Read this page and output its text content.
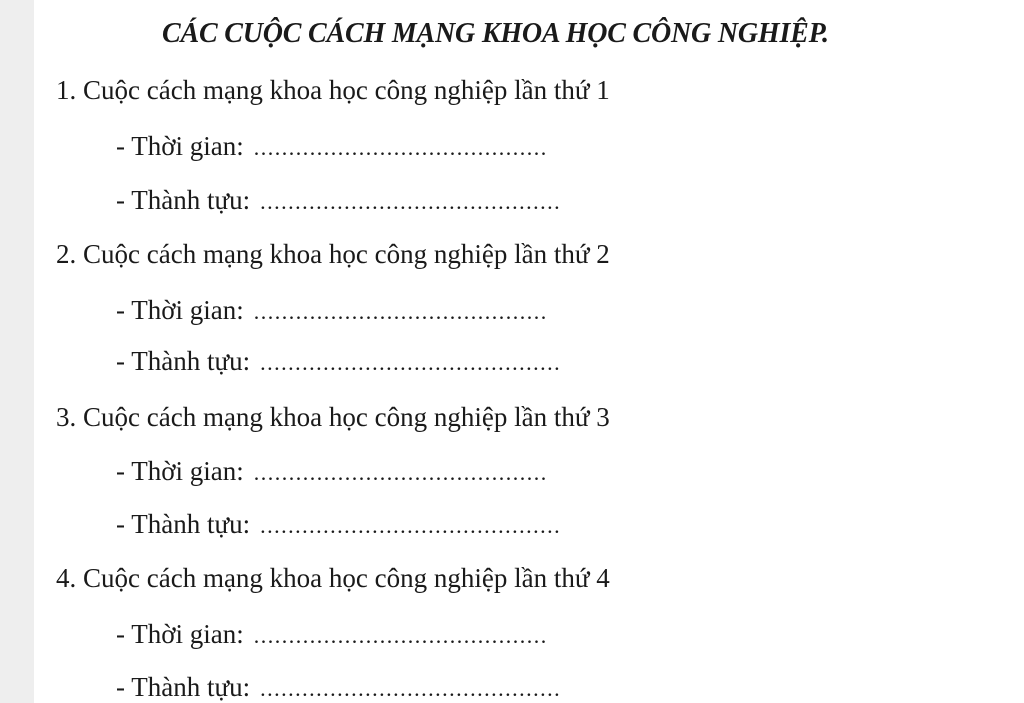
CÁC CUỘC CÁCH MẠNG KHOA HỌC CÔNG NGHIỆP.
1. Cuộc cách mạng khoa học công nghiệp lần thứ 1
- Thời gian: ..........................................
- Thành tựu: ...........................................
2. Cuộc cách mạng khoa học công nghiệp lần thứ 2
- Thời gian: ..........................................
- Thành tựu: ...........................................
3. Cuộc cách mạng khoa học công nghiệp lần thứ 3
- Thời gian: ..........................................
- Thành tựu: ...........................................
4. Cuộc cách mạng khoa học công nghiệp lần thứ 4
- Thời gian: ..........................................
- Thành tựu: ...........................................
